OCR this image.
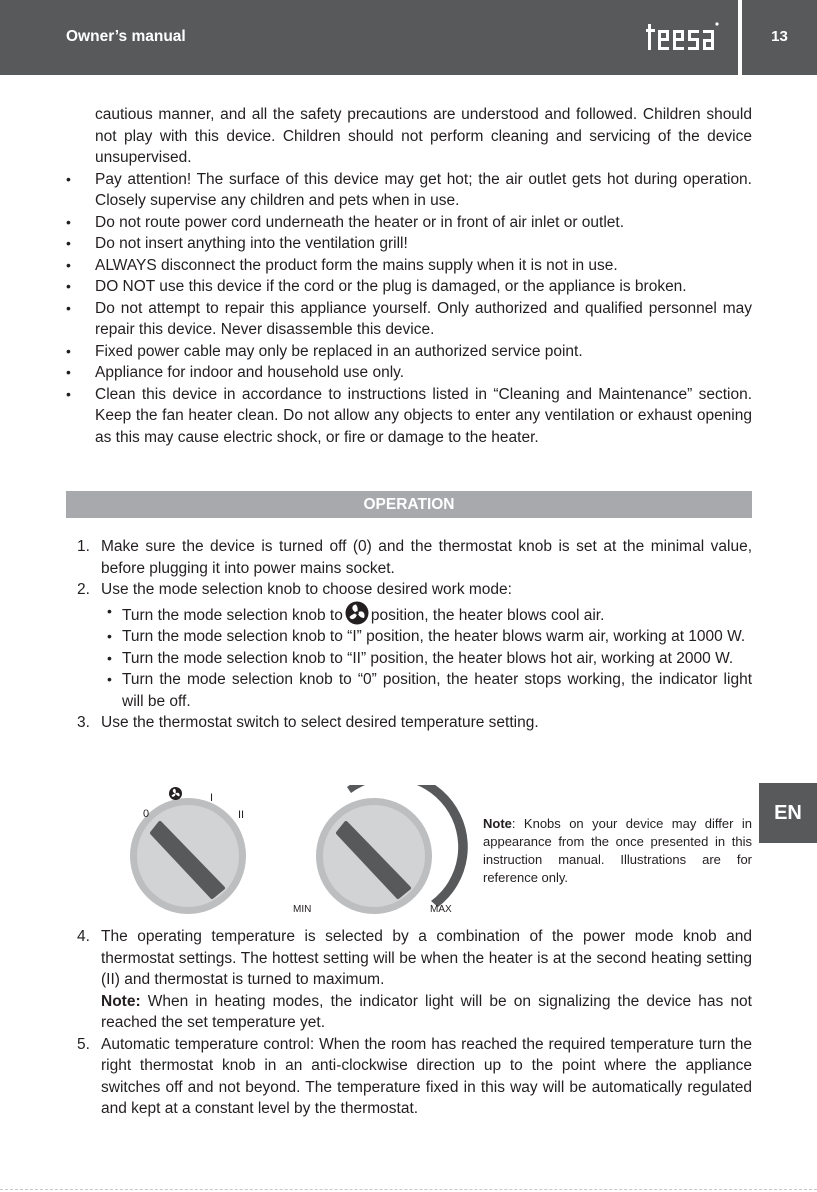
Owner’s manual	13
cautious manner, and all the safety precautions are understood and followed. Children should not play with this device. Children should not perform cleaning and servicing of the device unsupervised.
• Pay attention! The surface of this device may get hot; the air outlet gets hot during operation. Closely supervise any children and pets when in use.
• Do not route power cord underneath the heater or in front of air inlet or outlet.
• Do not insert anything into the ventilation grill!
• ALWAYS disconnect the product form the mains supply when it is not in use.
• DO NOT use this device if the cord or the plug is damaged, or the appliance is broken.
• Do not attempt to repair this appliance yourself. Only authorized and qualified personnel may repair this device. Never disassemble this device.
• Fixed power cable may only be replaced in an authorized service point.
• Appliance for indoor and household use only.
• Clean this device in accordance to instructions listed in “Cleaning and Maintenance” section. Keep the fan heater clean. Do not allow any objects to enter any ventilation or exhaust opening as this may cause electric shock, or fire or damage to the heater.
OPERATION
1. Make sure the device is turned off (0) and the thermostat knob is set at the minimal value, before plugging it into power mains socket.
2. Use the mode selection knob to choose desired work mode:
• Turn the mode selection knob to position, the heater blows cool air.
• Turn the mode selection knob to “I” position, the heater blows warm air, working at 1000 W.
• Turn the mode selection knob to “II” position, the heater blows hot air, working at 2000 W.
• Turn the mode selection knob to “0” position, the heater stops working, the indicator light will be off.
3. Use the thermostat switch to select desired temperature setting.
0
I
II
MIN	MAX
Note: Knobs on your device may differ in appearance from the once presented in this instruction manual. Illustrations are for reference only.
4. The operating temperature is selected by a combination of the power mode knob and thermostat settings. The hottest setting will be when the heater is at the second heating setting (II) and thermostat is turned to maximum.
Note: When in heating modes, the indicator light will be on signalizing the device has not reached the set temperature yet.
5. Automatic temperature control: When the room has reached the required temperature turn the right thermostat knob in an anti-clockwise direction up to the point where the appliance switches off and not beyond. The temperature fixed in this way will be automatically regulated and kept at a constant level by the thermostat.
EN
